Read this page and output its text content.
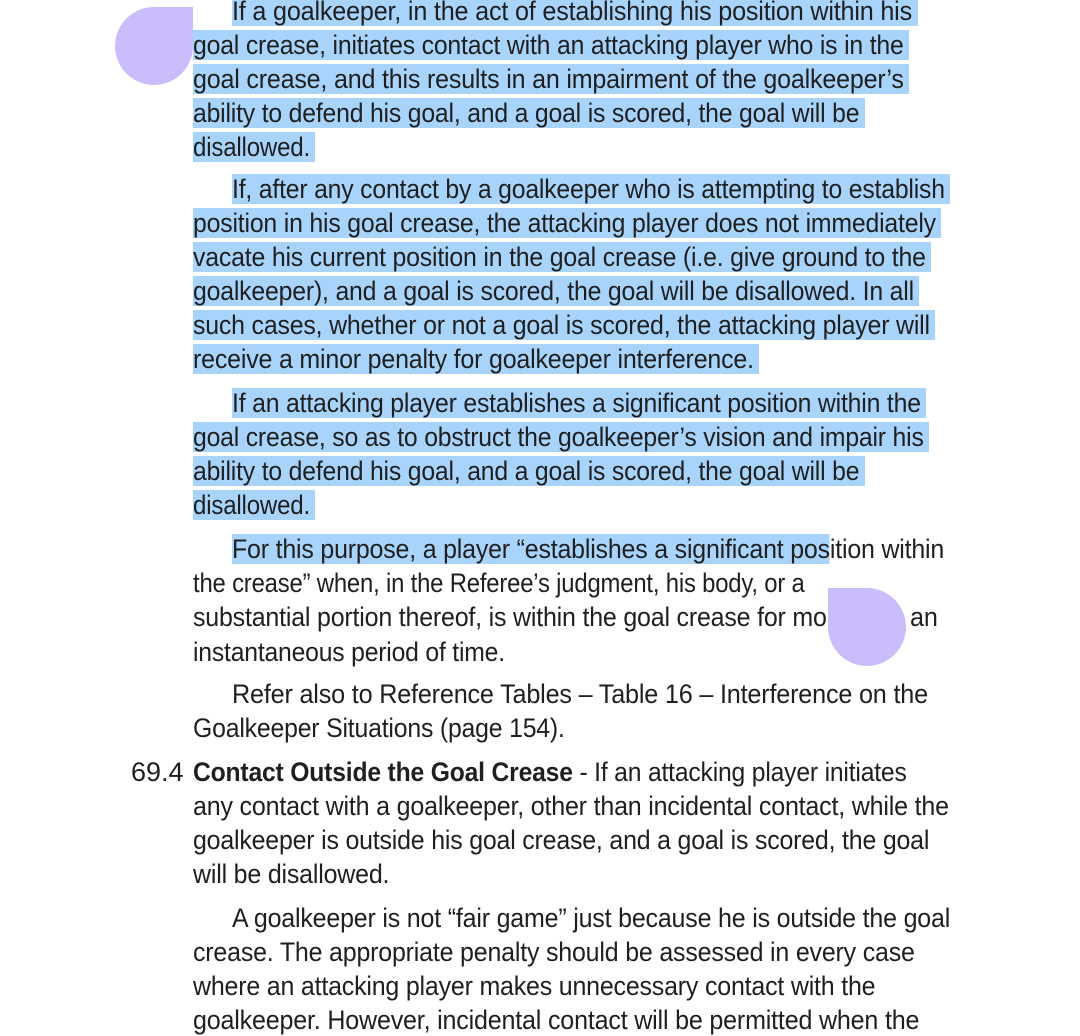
If a goalkeeper, in the act of establishing his position within his
goal crease, initiates contact with an attacking player who is in the
goal crease, and this results in an impairment of the goalkeeper’s
ability to defend his goal, and a goal is scored, the goal will be
disallowed.
If, after any contact by a goalkeeper who is attempting to establish
position in his goal crease, the attacking player does not immediately
vacate his current position in the goal crease (i.e. give ground to the
goalkeeper), and a goal is scored, the goal will be disallowed. In all
such cases, whether or not a goal is scored, the attacking player will
receive a minor penalty for goalkeeper interference.
If an attacking player establishes a significant position within the
goal crease, so as to obstruct the goalkeeper’s vision and impair his
ability to defend his goal, and a goal is scored, the goal will be
disallowed.
For this purpose, a player “establishes a significant position within
the crease” when, in the Referee’s judgment, his body, or a
substantial portion thereof, is within the goal crease for mo	an
instantaneous period of time.
Refer also to Reference Tables – Table 16 – Interference on the
Goalkeeper Situations (page 154).
Contact Outside the Goal Crease - If an attacking player initiates
any contact with a goalkeeper, other than incidental contact, while the
goalkeeper is outside his goal crease, and a goal is scored, the goal
will be disallowed.
A goalkeeper is not “fair game” just because he is outside the goal
crease. The appropriate penalty should be assessed in every case
where an attacking player makes unnecessary contact with the
goalkeeper. However, incidental contact will be permitted when the
69.4
